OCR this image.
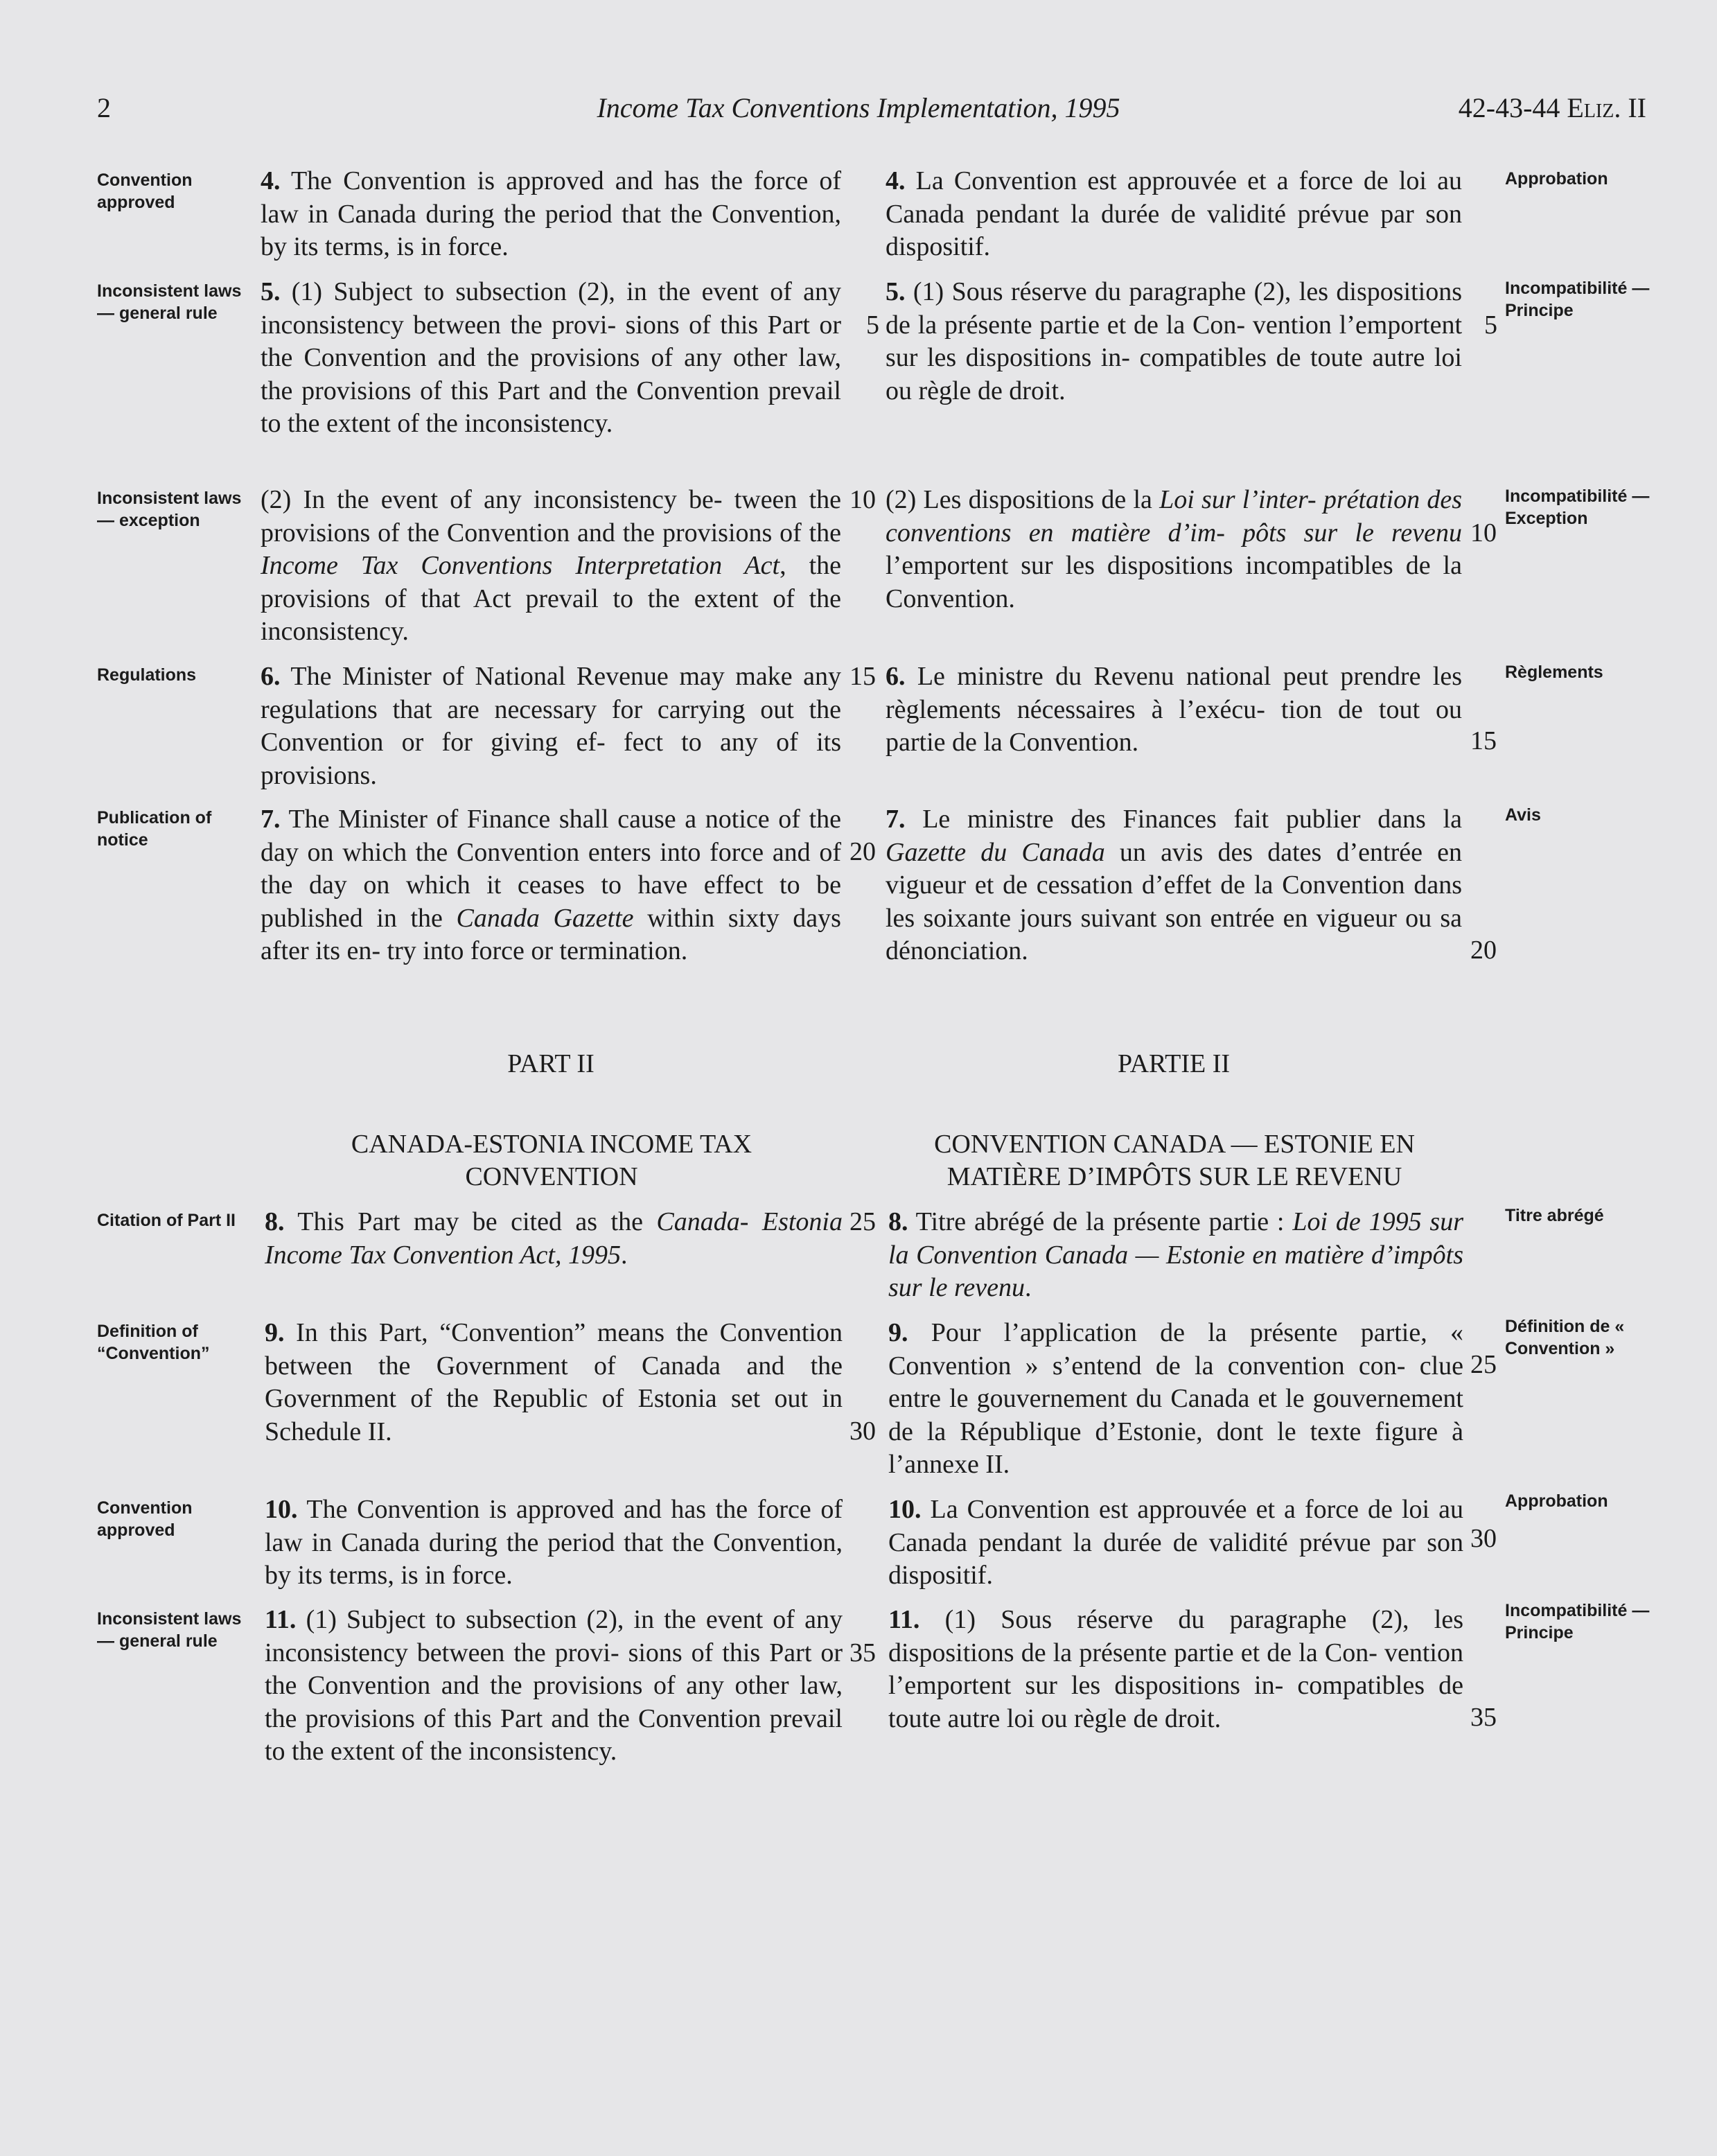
2	Income Tax Conventions Implementation, 1995	42-43-44 Eliz. II
Convention approved
Inconsistent laws — general rule
Inconsistent laws — exception
Regulations
Publication of notice
Citation of Part II
Definition of “Convention”
Convention approved
Inconsistent laws — general rule
Approbation
Incompatibilité — Principe
Incompatibilité — Exception
Règlements
Avis
Titre abrégé
Définition de « Convention »
Approbation
Incompatibilité — Principe
4. The Convention is approved and has the force of law in Canada during the period that the Convention, by its terms, is in force.
5. (1) Subject to subsection (2), in the event of any inconsistency between the provi- sions of this Part or the Convention and the provisions of any other law, the provisions of this Part and the Convention prevail to the extent of the inconsistency.
(2) In the event of any inconsistency be- tween the provisions of the Convention and the provisions of the Income Tax Conventions Interpretation Act, the provisions of that Act prevail to the extent of the inconsistency.
6. The Minister of National Revenue may make any regulations that are necessary for carrying out the Convention or for giving ef- fect to any of its provisions.
7. The Minister of Finance shall cause a notice of the day on which the Convention enters into force and of the day on which it ceases to have effect to be published in the Canada Gazette within sixty days after its en- try into force or termination.
PART II
CANADA-ESTONIA INCOME TAX CONVENTION
8. This Part may be cited as the Canada- Estonia Income Tax Convention Act, 1995.
9. In this Part, “Convention” means the Convention between the Government of Canada and the Government of the Republic of Estonia set out in Schedule II.
10. The Convention is approved and has the force of law in Canada during the period that the Convention, by its terms, is in force.
11. (1) Subject to subsection (2), in the event of any inconsistency between the provi- sions of this Part or the Convention and the provisions of any other law, the provisions of this Part and the Convention prevail to the extent of the inconsistency.
5
10
15
20
25
30
35
4. La Convention est approuvée et a force de loi au Canada pendant la durée de validité prévue par son dispositif.
5. (1) Sous réserve du paragraphe (2), les dispositions de la présente partie et de la Con- vention l’emportent sur les dispositions in- compatibles de toute autre loi ou règle de droit.
(2) Les dispositions de la Loi sur l’inter- prétation des conventions en matière d’im- pôts sur le revenu l’emportent sur les dispositions incompatibles de la Convention.
6. Le ministre du Revenu national peut prendre les règlements nécessaires à l’exécu- tion de tout ou partie de la Convention.
7. Le ministre des Finances fait publier dans la Gazette du Canada un avis des dates d’entrée en vigueur et de cessation d’effet de la Convention dans les soixante jours suivant son entrée en vigueur ou sa dénonciation.
PARTIE II
CONVENTION CANADA — ESTONIE EN MATIÈRE D’IMPÔTS SUR LE REVENU
8. Titre abrégé de la présente partie : Loi de 1995 sur la Convention Canada — Estonie en matière d’impôts sur le revenu.
9. Pour l’application de la présente partie, « Convention » s’entend de la convention con- clue entre le gouvernement du Canada et le gouvernement de la République d’Estonie, dont le texte figure à l’annexe II.
10. La Convention est approuvée et a force de loi au Canada pendant la durée de validité prévue par son dispositif.
11. (1) Sous réserve du paragraphe (2), les dispositions de la présente partie et de la Con- vention l’emportent sur les dispositions in- compatibles de toute autre loi ou règle de droit.
5
10
15
20
25
30
35
